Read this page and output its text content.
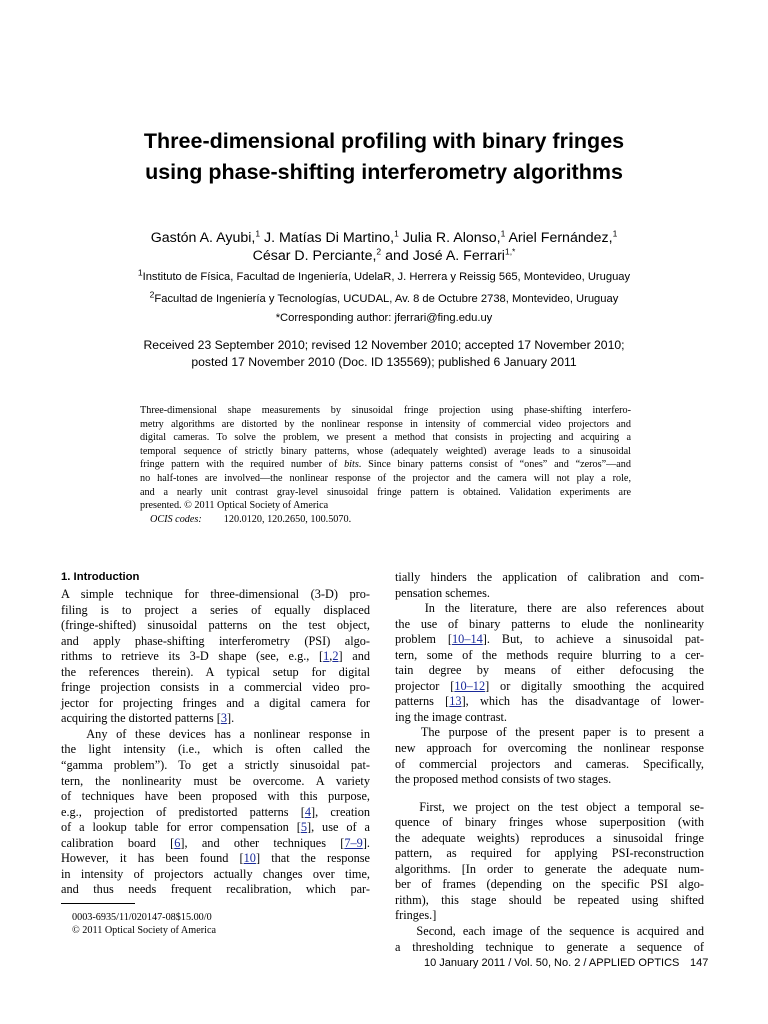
Three-dimensional profiling with binary fringes
using phase-shifting interferometry algorithms
Gastón A. Ayubi,$^1$ J. Matías Di Martino,$^1$ Julia R. Alonso,$^1$ Ariel Fernández,$^1$
César D. Perciante,$^2$ and José A. Ferrari$^{1,*}$
$^1$Instituto de Física, Facultad de Ingeniería, UdelaR, J. Herrera y Reissig 565, Montevideo, Uruguay
$^2$Facultad de Ingeniería y Tecnologías, UCUDAL, Av. 8 de Octubre 2738, Montevideo, Uruguay
*Corresponding author: jferrari@fing.edu.uy
Received 23 September 2010; revised 12 November 2010; accepted 17 November 2010;
posted 17 November 2010 (Doc. ID 135569); published 6 January 2011
Three-dimensional shape measurements by sinusoidal fringe projection using phase-shifting interfero-
metry algorithms are distorted by the nonlinear response in intensity of commercial video projectors and
digital cameras. To solve the problem, we present a method that consists in projecting and acquiring a
temporal sequence of strictly binary patterns, whose (adequately weighted) average leads to a sinusoidal
fringe pattern with the required number of bits. Since binary patterns consist of “ones” and “zeros”—and
no half-tones are involved—the nonlinear response of the projector and the camera will not play a role,
and a nearly unit contrast gray-level sinusoidal fringe pattern is obtained. Validation experiments are
presented. © 2011 Optical Society of America
OCIS codes: 120.0120, 120.2650, 100.5070.
1. Introduction
A simple technique for three-dimensional (3-D) pro-
filing is to project a series of equally displaced
(fringe-shifted) sinusoidal patterns on the test object,
and apply phase-shifting interferometry (PSI) algo-
rithms to retrieve its 3-D shape (see, e.g., [1,2] and
the references therein). A typical setup for digital
fringe projection consists in a commercial video pro-
jector for projecting fringes and a digital camera for
acquiring the distorted patterns [3].
Any of these devices has a nonlinear response in
the light intensity (i.e., which is often called the
“gamma problem”). To get a strictly sinusoidal pat-
tern, the nonlinearity must be overcome. A variety
of techniques have been proposed with this purpose,
e.g., projection of predistorted patterns [4], creation
of a lookup table for error compensation [5], use of a
calibration board [6], and other techniques [7–9].
However, it has been found [10] that the response
in intensity of projectors actually changes over time,
and thus needs frequent recalibration, which par-
tially hinders the application of calibration and com-
pensation schemes.
In the literature, there are also references about
the use of binary patterns to elude the nonlinearity
problem [10–14]. But, to achieve a sinusoidal pat-
tern, some of the methods require blurring to a cer-
tain degree by means of either defocusing the
projector [10–12] or digitally smoothing the acquired
patterns [13], which has the disadvantage of lower-
ing the image contrast.
The purpose of the present paper is to present a
new approach for overcoming the nonlinear response
of commercial projectors and cameras. Specifically,
the proposed method consists of two stages.
First, we project on the test object a temporal se-
quence of binary fringes whose superposition (with
the adequate weights) reproduces a sinusoidal fringe
pattern, as required for applying PSI-reconstruction
algorithms. [In order to generate the adequate num-
ber of frames (depending on the specific PSI algo-
rithm), this stage should be repeated using shifted
fringes.]
Second, each image of the sequence is acquired and
a thresholding technique to generate a sequence of
0003-6935/11/020147-08$15.00/0
© 2011 Optical Society of America
10 January 2011 / Vol. 50, No. 2 / APPLIED OPTICS 147
